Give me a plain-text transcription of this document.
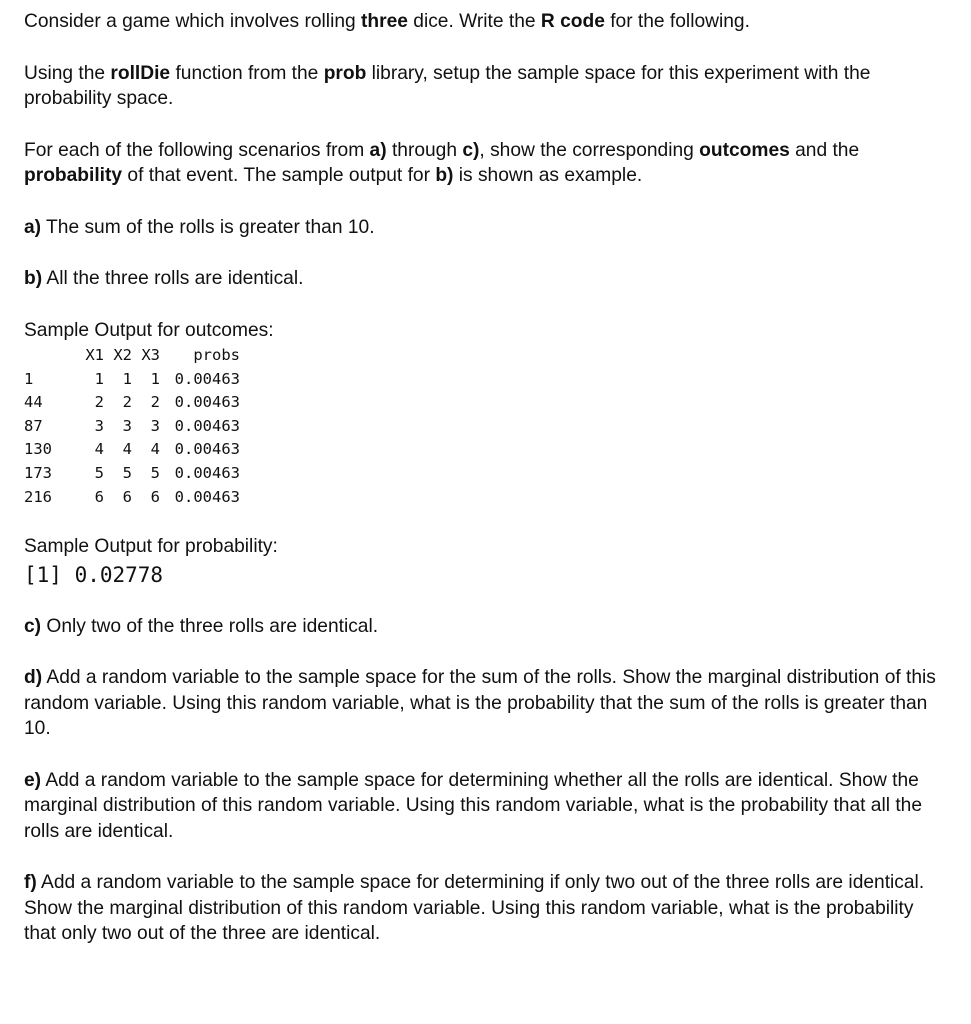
Consider a game which involves rolling three dice. Write the R code for the following.

Using the rollDie function from the prob library, setup the sample space for this experiment with the probability space.

For each of the following scenarios from a) through c), show the corresponding outcomes and the probability of that event. The sample output for b) is shown as example.

a) The sum of the rolls is greater than 10.

b) All the three rolls are identical.

Sample Output for outcomes:

	X1	X2	X3	probs
1	1	1	1	0.00463
44	2	2	2	0.00463
87	3	3	3	0.00463
130	4	4	4	0.00463
173	5	5	5	0.00463
216	6	6	6	0.00463

Sample Output for probability:

[1] 0.02778

c) Only two of the three rolls are identical.

d) Add a random variable to the sample space for the sum of the rolls. Show the marginal distribution of this random variable. Using this random variable, what is the probability that the sum of the rolls is greater than 10.

e) Add a random variable to the sample space for determining whether all the rolls are identical. Show the marginal distribution of this random variable. Using this random variable, what is the probability that all the rolls are identical.

f) Add a random variable to the sample space for determining if only two out of the three rolls are identical. Show the marginal distribution of this random variable. Using this random variable, what is the probability that only two out of the three are identical.
